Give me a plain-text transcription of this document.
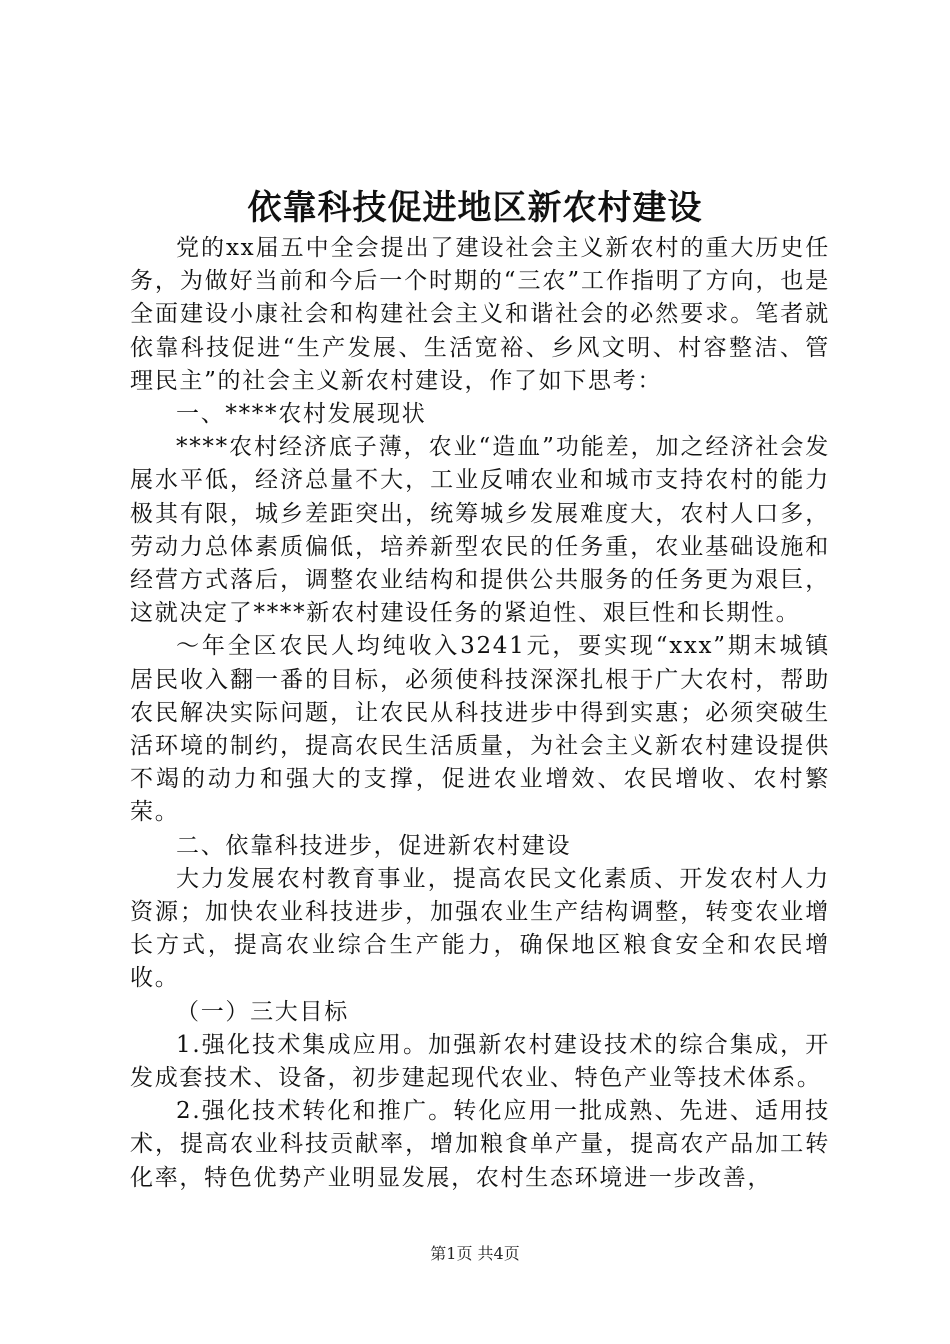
依靠科技促进地区新农村建设

党的xx届五中全会提出了建设社会主义新农村的重大历史任务，为做好当前和今后一个时期的“三农”工作指明了方向，也是全面建设小康社会和构建社会主义和谐社会的必然要求。笔者就依靠科技促进“生产发展、生活宽裕、乡风文明、村容整洁、管理民主”的社会主义新农村建设，作了如下思考：

一、****农村发展现状

****农村经济底子薄，农业“造血”功能差，加之经济社会发展水平低，经济总量不大，工业反哺农业和城市支持农村的能力极其有限，城乡差距突出，统筹城乡发展难度大，农村人口多，劳动力总体素质偏低，培养新型农民的任务重，农业基础设施和经营方式落后，调整农业结构和提供公共服务的任务更为艰巨，这就决定了****新农村建设任务的紧迫性、艰巨性和长期性。

～年全区农民人均纯收入3241元，要实现“xxx”期末城镇居民收入翻一番的目标，必须使科技深深扎根于广大农村，帮助农民解决实际问题，让农民从科技进步中得到实惠；必须突破生活环境的制约，提高农民生活质量，为社会主义新农村建设提供不竭的动力和强大的支撑，促进农业增效、农民增收、农村繁荣。

二、依靠科技进步，促进新农村建设

大力发展农村教育事业，提高农民文化素质、开发农村人力资源；加快农业科技进步，加强农业生产结构调整，转变农业增长方式，提高农业综合生产能力，确保地区粮食安全和农民增收。

（一）三大目标

1.强化技术集成应用。加强新农村建设技术的综合集成，开发成套技术、设备，初步建起现代农业、特色产业等技术体系。

2.强化技术转化和推广。转化应用一批成熟、先进、适用技术，提高农业科技贡献率，增加粮食单产量，提高农产品加工转化率，特色优势产业明显发展，农村生态环境进一步改善，

第1页 共4页
